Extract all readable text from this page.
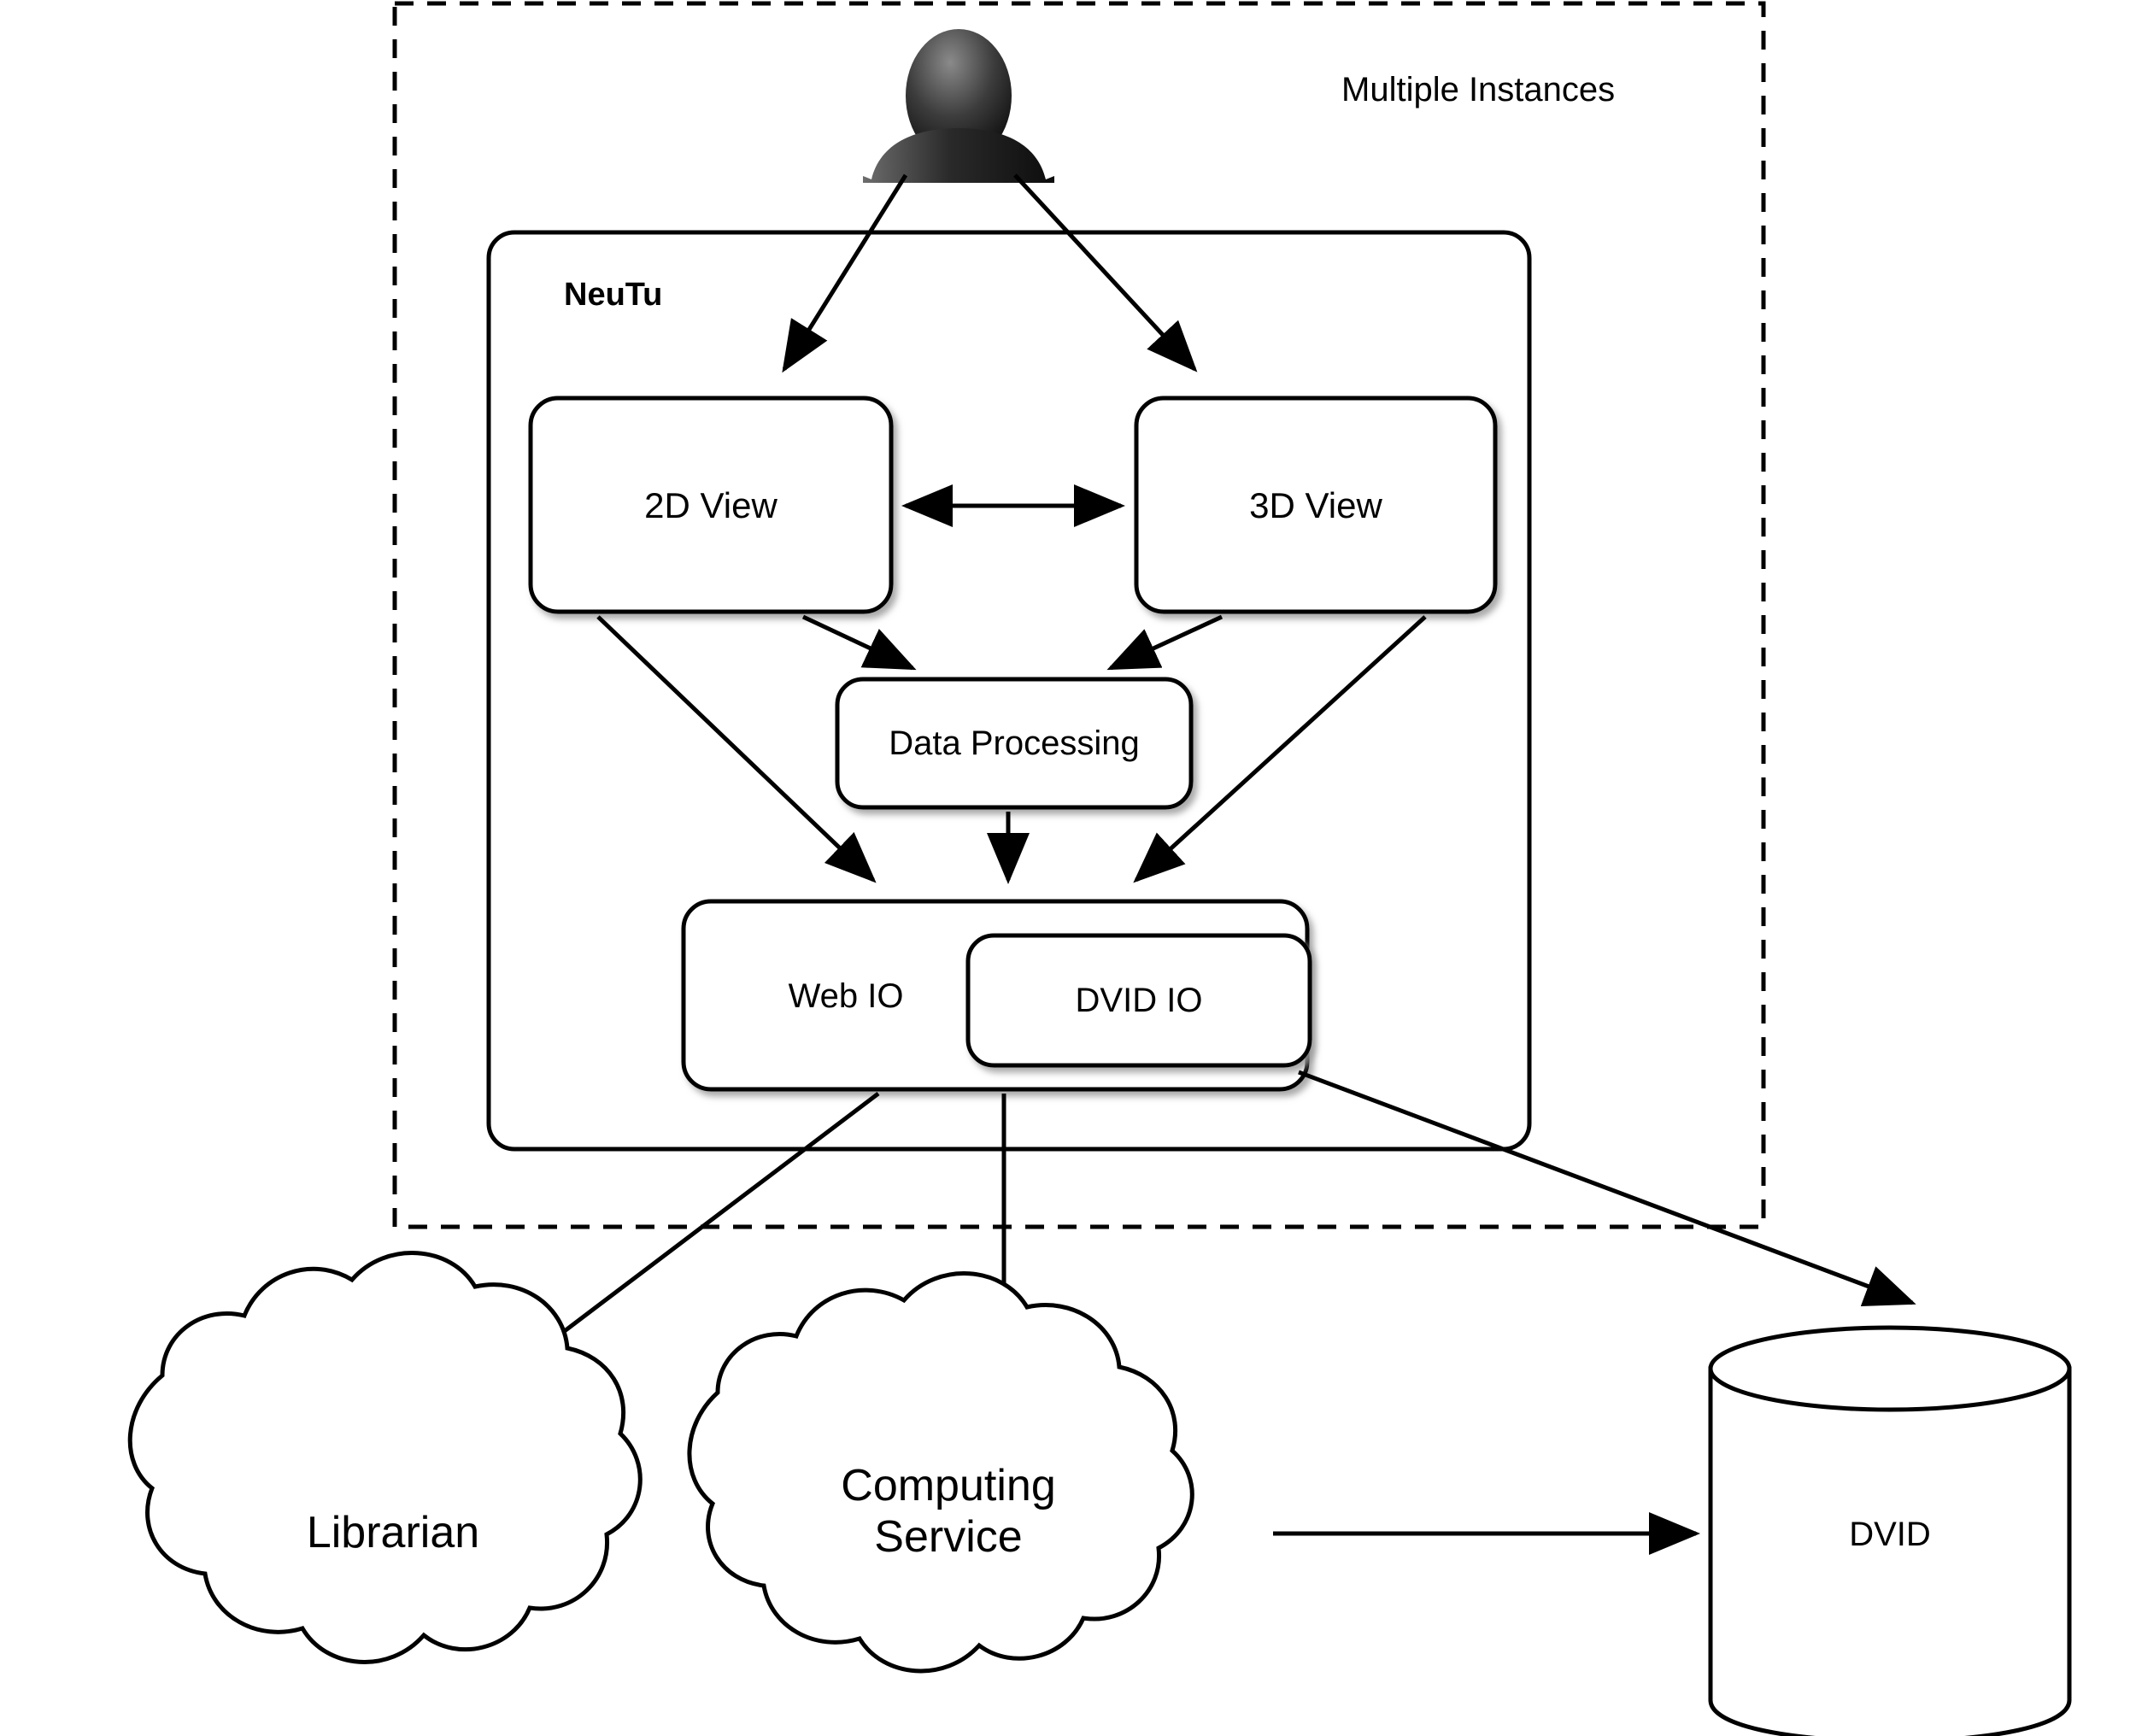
Multiple Instances
NeuTu
2D View	3D View
Data Processing
Web IO	DVID IO
Librarian
Computing
Service	DVID
